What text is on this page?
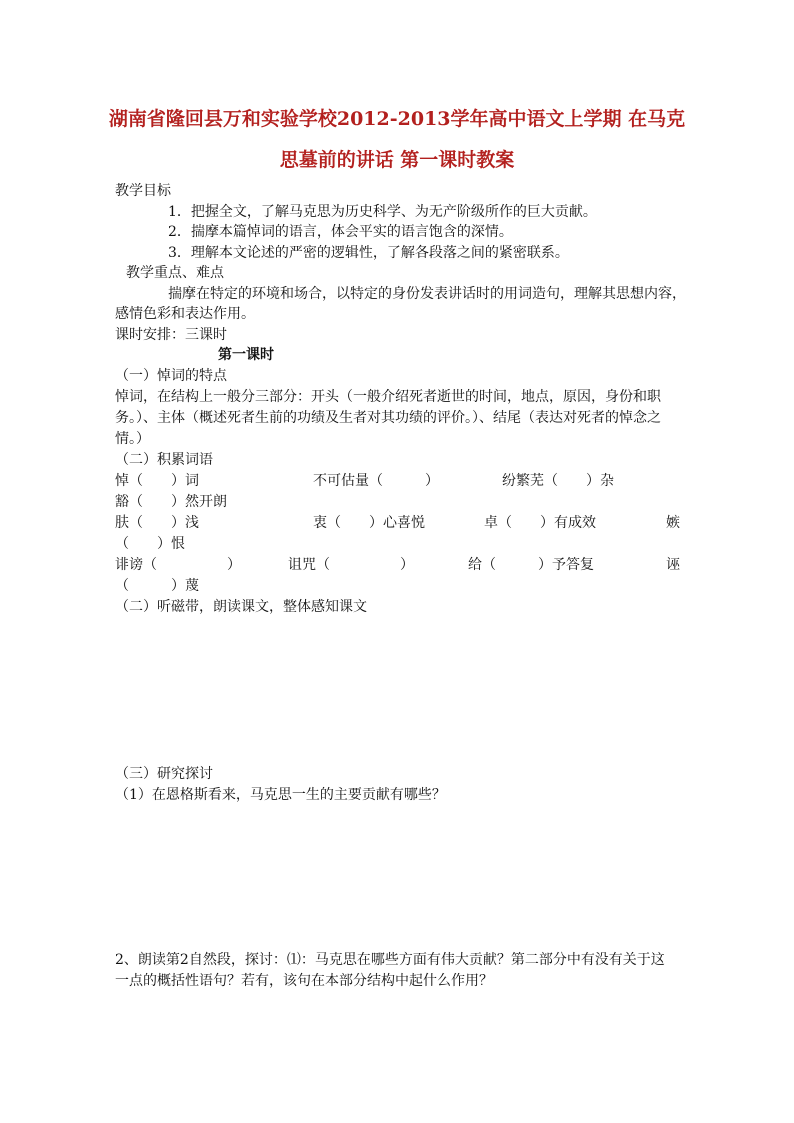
湖南省隆回县万和实验学校2012-2013学年高中语文上学期 在马克
思墓前的讲话 第一课时教案
教学目标
1．把握全文，了解马克思为历史科学、为无产阶级所作的巨大贡献。
2．揣摩本篇悼词的语言，体会平实的语言饱含的深情。
3．理解本文论述的严密的逻辑性，了解各段落之间的紧密联系。
教学重点、难点
揣摩在特定的环境和场合，以特定的身份发表讲话时的用词造句，理解其思想内容，
感情色彩和表达作用。
课时安排：三课时
第一课时
（一）悼词的特点
悼词，在结构上一般分三部分：开头（一般介绍死者逝世的时间，地点，原因，身份和职
务。）、主体（概述死者生前的功绩及生者对其功绩的评价。）、结尾（表达对死者的悼念之
情。）
（二）积累词语
悼（　　）词	不可估量（　　　）	纷繁芜（　　）杂
豁（　　）然开朗
肤（　　）浅	衷（　　）心喜悦	卓（　　）有成效	嫉
（　　）恨
诽谤（　　　　　）	诅咒（　　　　　）	给（　　　）予答复	诬
（　　　）蔑
（二）听磁带，朗读课文，整体感知课文
（三）研究探讨
（1）在恩格斯看来，马克思一生的主要贡献有哪些？
2、朗读第2自然段，探讨：⑴：马克思在哪些方面有伟大贡献？第二部分中有没有关于这
一点的概括性语句？若有，该句在本部分结构中起什么作用？
